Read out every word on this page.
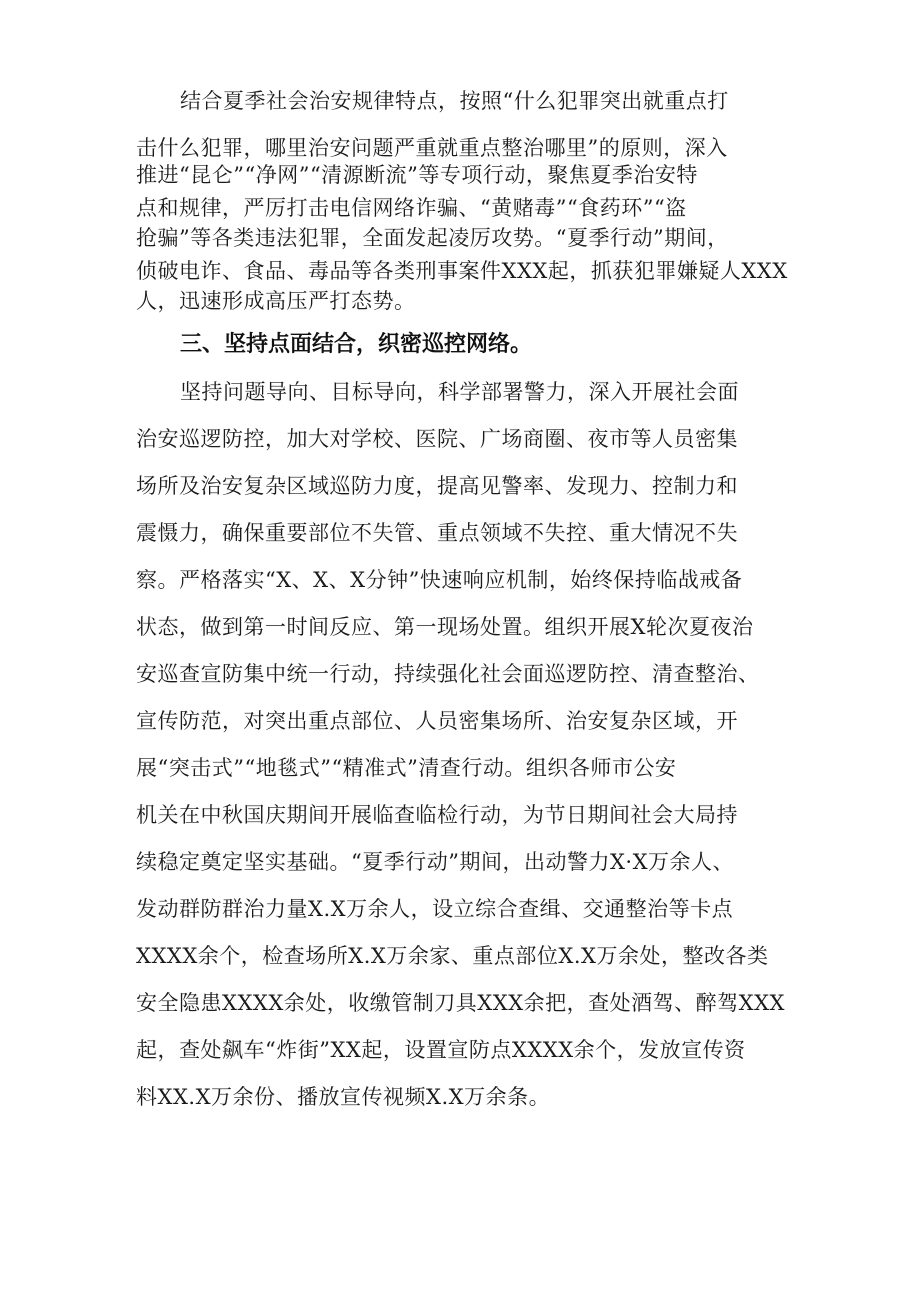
结合夏季社会治安规律特点，按照“什么犯罪突出就重点打
击什么犯罪，哪里治安问题严重就重点整治哪里”的原则，深入
推进“昆仑”“净网”“清源断流”等专项行动，聚焦夏季治安特
点和规律，严厉打击电信网络诈骗、“黄赌毒”“食药环”“盗
抢骗”等各类违法犯罪，全面发起凌厉攻势。“夏季行动”期间，
侦破电诈、食品、毒品等各类刑事案件XXX起，抓获犯罪嫌疑人XXX
人，迅速形成高压严打态势。
三、坚持点面结合，织密巡控网络。
坚持问题导向、目标导向，科学部署警力，深入开展社会面
治安巡逻防控，加大对学校、医院、广场商圈、夜市等人员密集
场所及治安复杂区域巡防力度，提高见警率、发现力、控制力和
震慑力，确保重要部位不失管、重点领域不失控、重大情况不失
察。严格落实“X、X、X分钟”快速响应机制，始终保持临战戒备
状态，做到第一时间反应、第一现场处置。组织开展X轮次夏夜治
安巡查宣防集中统一行动，持续强化社会面巡逻防控、清查整治、
宣传防范，对突出重点部位、人员密集场所、治安复杂区域，开
展“突击式”“地毯式”“精准式”清查行动。组织各师市公安
机关在中秋国庆期间开展临查临检行动，为节日期间社会大局持
续稳定奠定坚实基础。“夏季行动”期间，出动警力X·X万余人、
发动群防群治力量X.X万余人，设立综合查缉、交通整治等卡点
XXXX余个，检查场所X.X万余家、重点部位X.X万余处，整改各类
安全隐患XXXX余处，收缴管制刀具XXX余把，查处酒驾、醉驾XXX
起，查处飙车“炸街”XX起，设置宣防点XXXX余个，发放宣传资
料XX.X万余份、播放宣传视频X.X万余条。
